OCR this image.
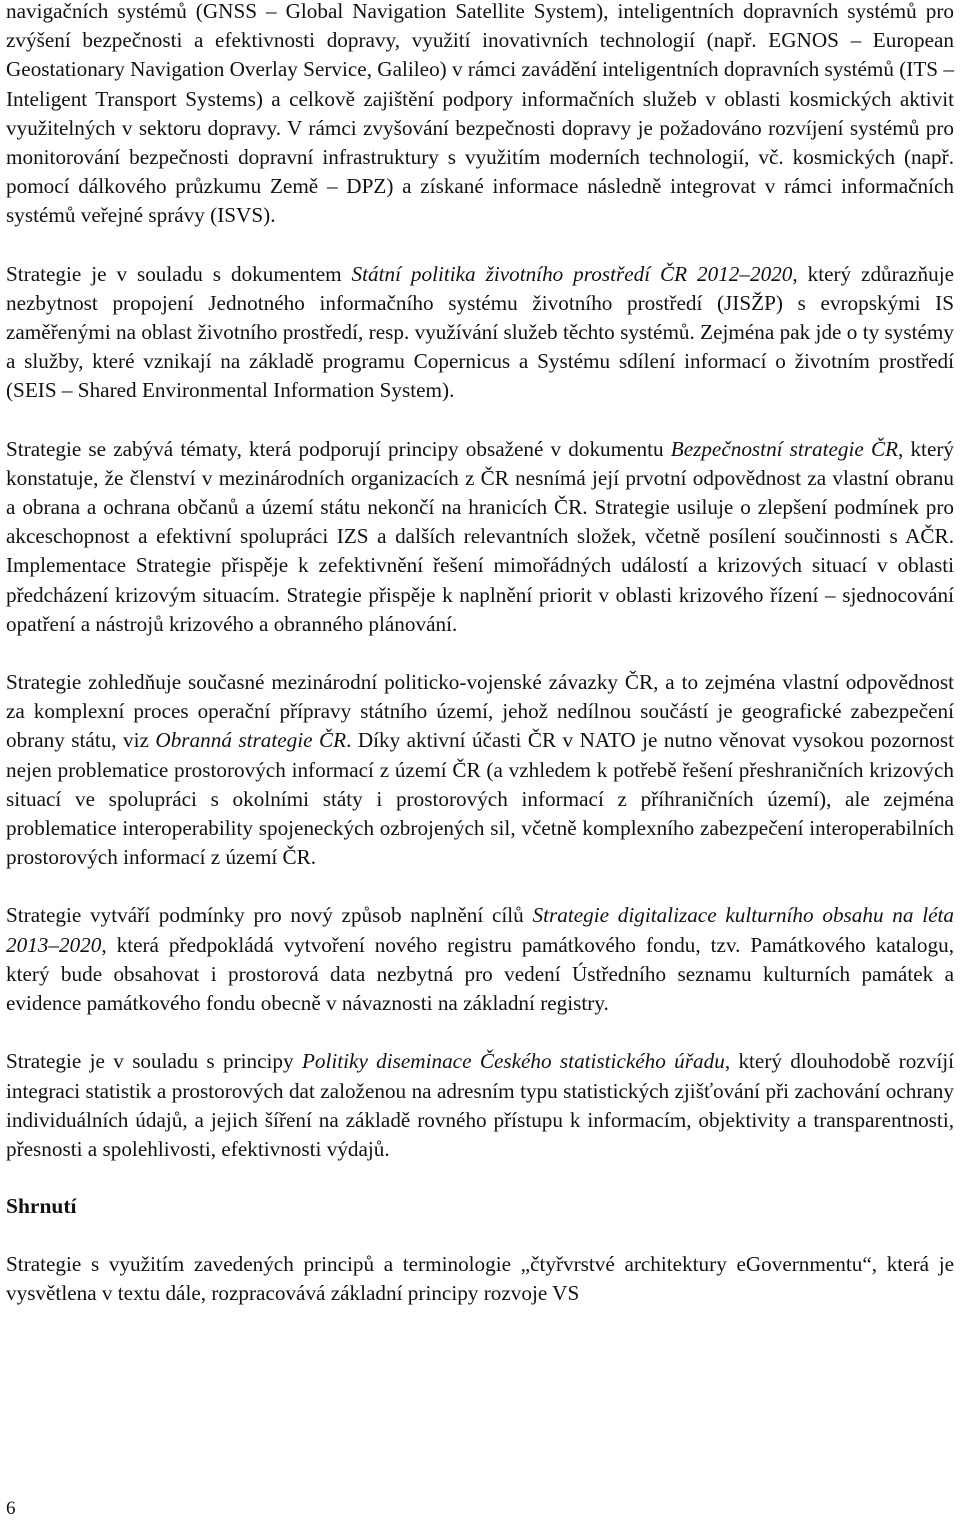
navigačních systémů (GNSS – Global Navigation Satellite System), inteligentních dopravních systémů pro zvýšení bezpečnosti a efektivnosti dopravy, využití inovativních technologií (např. EGNOS – European Geostationary Navigation Overlay Service, Galileo) v rámci zavádění inteligentních dopravních systémů (ITS – Inteligent Transport Systems) a celkově zajištění podpory informačních služeb v oblasti kosmických aktivit využitelných v sektoru dopravy. V rámci zvyšování bezpečnosti dopravy je požadováno rozvíjení systémů pro monitorování bezpečnosti dopravní infrastruktury s využitím moderních technologií, vč. kosmických (např. pomocí dálkového průzkumu Země – DPZ) a získané informace následně integrovat v rámci informačních systémů veřejné správy (ISVS).

Strategie je v souladu s dokumentem Státní politika životního prostředí ČR 2012–2020, který zdůrazňuje nezbytnost propojení Jednotného informačního systému životního prostředí (JISŽP) s evropskými IS zaměřenými na oblast životního prostředí, resp. využívání služeb těchto systémů. Zejména pak jde o ty systémy a služby, které vznikají na základě programu Copernicus a Systému sdílení informací o životním prostředí (SEIS – Shared Environmental Information System).

Strategie se zabývá tématy, která podporují principy obsažené v dokumentu Bezpečnostní strategie ČR, který konstatuje, že členství v mezinárodních organizacích z ČR nesnímá její prvotní odpovědnost za vlastní obranu a obrana a ochrana občanů a území státu nekončí na hranicích ČR. Strategie usiluje o zlepšení podmínek pro akceschopnost a efektivní spolupráci IZS a dalších relevantních složek, včetně posílení součinnosti s AČR. Implementace Strategie přispěje k zefektivnění řešení mimořádných událostí a krizových situací v oblasti předcházení krizovým situacím. Strategie přispěje k naplnění priorit v oblasti krizového řízení – sjednocování opatření a nástrojů krizového a obranného plánování.

Strategie zohledňuje současné mezinárodní politicko-vojenské závazky ČR, a to zejména vlastní odpovědnost za komplexní proces operační přípravy státního území, jehož nedílnou součástí je geografické zabezpečení obrany státu, viz Obranná strategie ČR. Díky aktivní účasti ČR v NATO je nutno věnovat vysokou pozornost nejen problematice prostorových informací z území ČR (a vzhledem k potřebě řešení přeshraničních krizových situací ve spolupráci s okolními státy i prostorových informací z příhraničních území), ale zejména problematice interoperability spojeneckých ozbrojených sil, včetně komplexního zabezpečení interoperabilních prostorových informací z území ČR.

Strategie vytváří podmínky pro nový způsob naplnění cílů Strategie digitalizace kulturního obsahu na léta 2013–2020, která předpokládá vytvoření nového registru památkového fondu, tzv. Památkového katalogu, který bude obsahovat i prostorová data nezbytná pro vedení Ústředního seznamu kulturních památek a evidence památkového fondu obecně v návaznosti na základní registry.

Strategie je v souladu s principy Politiky diseminace Českého statistického úřadu, který dlouhodobě rozvíjí integraci statistik a prostorových dat založenou na adresním typu statistických zjišťování při zachování ochrany individuálních údajů, a jejich šíření na základě rovného přístupu k informacím, objektivity a transparentnosti, přesnosti a spolehlivosti, efektivnosti výdajů.

Shrnutí

Strategie s využitím zavedených principů a terminologie „čtyřvrstvé architektury eGovernmentu“, která je vysvětlena v textu dále, rozpracovává základní principy rozvoje VS

6
